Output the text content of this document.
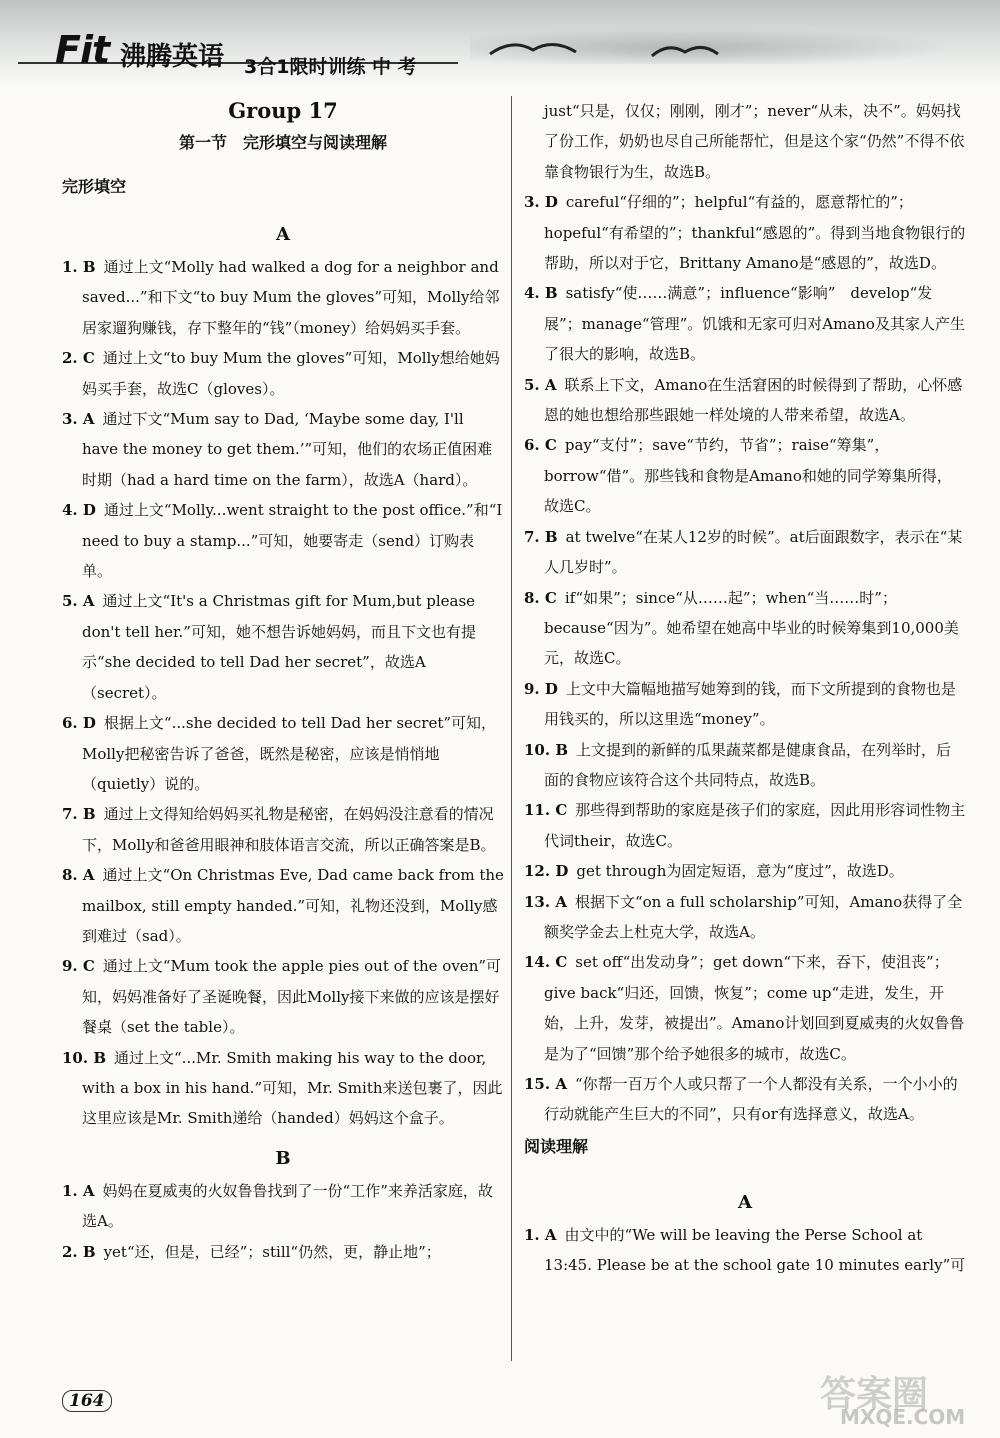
Fit 沸腾英语 3合1限时训练 中 考
Group 17
第一节　完形填空与阅读理解
完形填空
A

1. B 通过上文“Molly had walked a dog for a neighbor and saved...”和下文“to buy Mum the gloves”可知，Molly给邻居家遛狗赚钱，存下整年的“钱”（money）给妈妈买手套。

2. C 通过上文“to buy Mum the gloves”可知，Molly想给她妈妈买手套，故选C（gloves）。

3. A 通过下文“Mum say to Dad, ‘Maybe some day, I'll have the money to get them.’”可知，他们的农场正值困难时期（had a hard time on the farm），故选A（hard）。

4. D 通过上文“Molly...went straight to the post office.”和“I need to buy a stamp...”可知，她要寄走（send）订购表单。

5. A 通过上文“It's a Christmas gift for Mum,but please don't tell her.”可知，她不想告诉她妈妈，而且下文也有提示“she decided to tell Dad her secret”，故选A（secret）。

6. D 根据上文“...she decided to tell Dad her secret”可知，Molly把秘密告诉了爸爸，既然是秘密，应该是悄悄地（quietly）说的。

7. B 通过上文得知给妈妈买礼物是秘密，在妈妈没注意看的情况下，Molly和爸爸用眼神和肢体语言交流，所以正确答案是B。

8. A 通过上文“On Christmas Eve, Dad came back from the mailbox, still empty handed.”可知，礼物还没到，Molly感到难过（sad）。

9. C 通过上文“Mum took the apple pies out of the oven”可知，妈妈准备好了圣诞晚餐，因此Molly接下来做的应该是摆好餐桌（set the table）。

10. B 通过上文“...Mr. Smith making his way to the door, with a box in his hand.”可知，Mr. Smith来送包裹了，因此这里应该是Mr. Smith递给（handed）妈妈这个盒子。

B

1. A 妈妈在夏威夷的火奴鲁鲁找到了一份“工作”来养活家庭，故选A。

2. B yet“还，但是，已经”；still“仍然，更，静止地”；

just“只是，仅仅；刚刚，刚才”；never“从未，决不”。妈妈找了份工作，奶奶也尽自己所能帮忙，但是这个家“仍然”不得不依靠食物银行为生，故选B。

3. D careful“仔细的”；helpful“有益的，愿意帮忙的”；hopeful“有希望的”；thankful“感恩的”。得到当地食物银行的帮助，所以对于它，Brittany Amano是“感恩的”，故选D。

4. B satisfy“使……满意”；influence“影响”　develop“发展”；manage“管理”。饥饿和无家可归对Amano及其家人产生了很大的影响，故选B。

5. A 联系上下文，Amano在生活窘困的时候得到了帮助，心怀感恩的她也想给那些跟她一样处境的人带来希望，故选A。

6. C pay“支付”；save“节约，节省”；raise“筹集”，borrow“借”。那些钱和食物是Amano和她的同学筹集所得，故选C。

7. B at twelve“在某人12岁的时候”。at后面跟数字，表示在“某人几岁时”。

8. C if“如果”；since“从……起”；when“当……时”；because“因为”。她希望在她高中毕业的时候筹集到10,000美元，故选C。

9. D 上文中大篇幅地描写她筹到的钱，而下文所提到的食物也是用钱买的，所以这里选“money”。

10. B 上文提到的新鲜的瓜果蔬菜都是健康食品，在列举时，后面的食物应该符合这个共同特点，故选B。

11. C 那些得到帮助的家庭是孩子们的家庭，因此用形容词性物主代词their，故选C。

12. D get through为固定短语，意为“度过”，故选D。

13. A 根据下文“on a full scholarship”可知，Amano获得了全额奖学金去上杜克大学，故选A。

14. C set off“出发动身”；get down“下来，吞下，使沮丧”；give back“归还，回馈，恢复”；come up“走进，发生，开始，上升，发芽，被提出”。Amano计划回到夏威夷的火奴鲁鲁是为了“回馈”那个给予她很多的城市，故选C。

15. A “你帮一百万个人或只帮了一个人都没有关系，一个小小的行动就能产生巨大的不同”，只有or有选择意义，故选A。

阅读理解
A

1. A 由文中的“We will be leaving the Perse School at 13:45. Please be at the school gate 10 minutes early”可

164	答案圈
MXQE.COM
